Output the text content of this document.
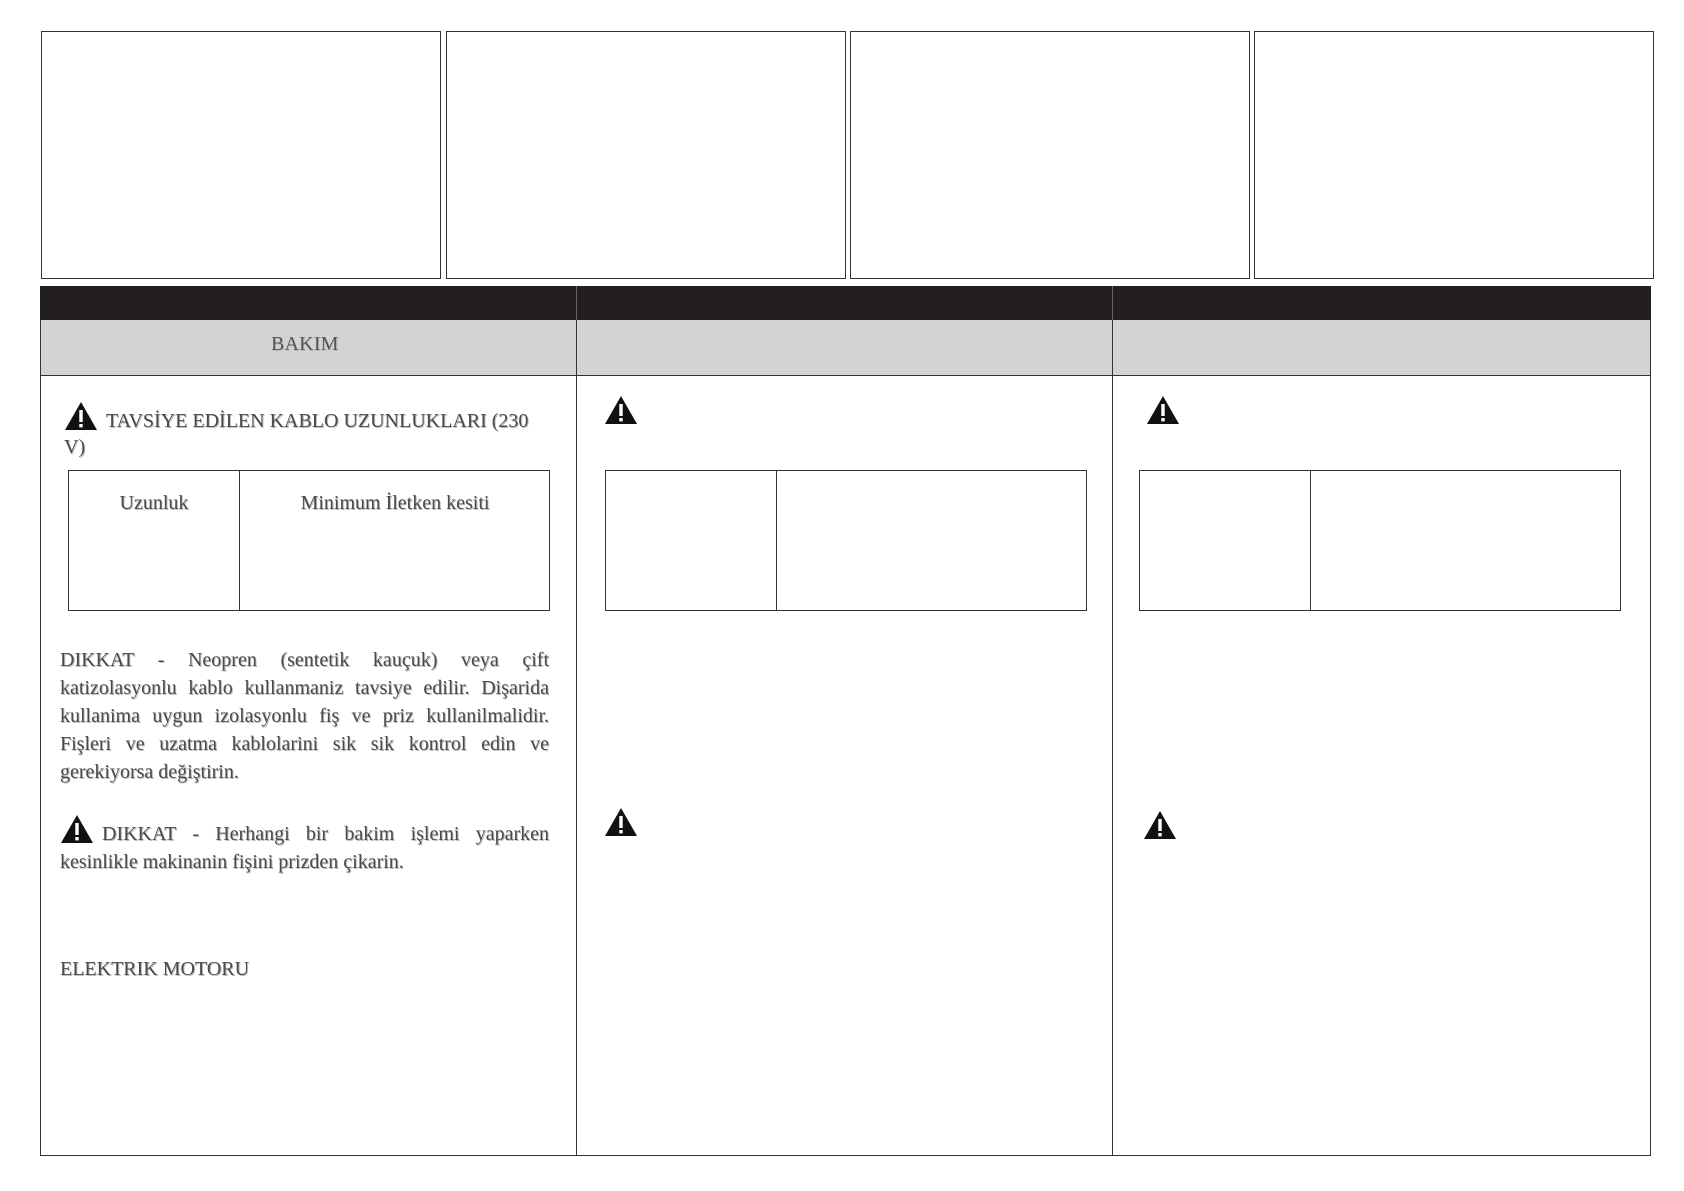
BAKIM
TAVSİYE EDİLEN KABLO UZUNLUKLARI (230 V)
Uzunluk	Minimum İletken kesiti
DIKKAT - Neopren (sentetik kauçuk) veya çift katizolasyonlu kablo kullanmaniz tavsiye edilir. Dişarida kullanima uygun izolasyonlu fiş ve priz kullanilmalidir. Fişleri ve uzatma kablolarini sik sik kontrol edin ve gerekiyorsa değiştirin.
DIKKAT - Herhangi bir bakim işlemi yaparken kesinlikle makinanin fişini prizden çikarin.
ELEKTRIK MOTORU
